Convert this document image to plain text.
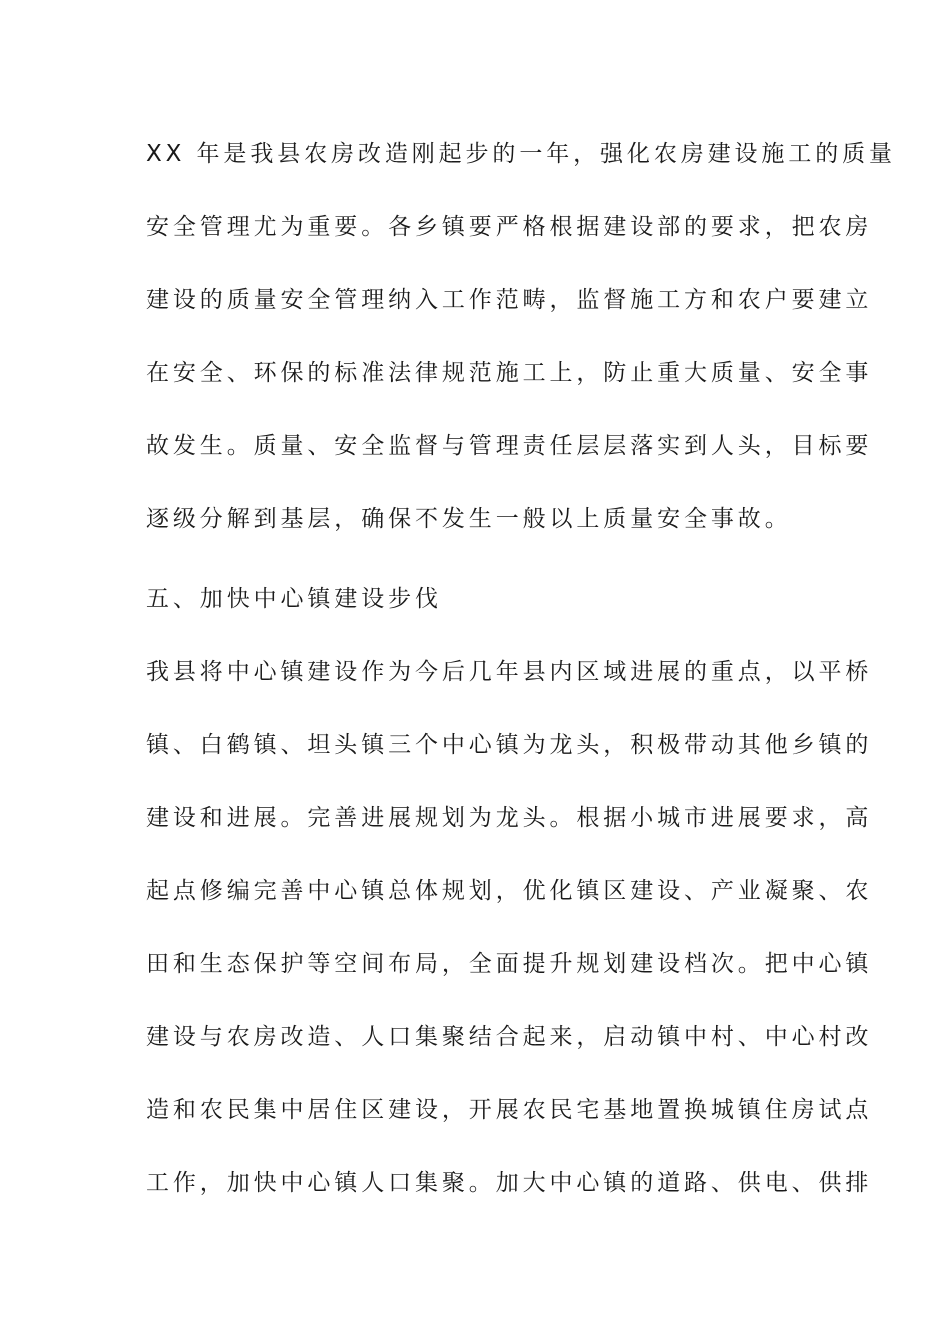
XX 年是我县农房改造刚起步的一年，强化农房建设施工的质量
安全管理尤为重要。各乡镇要严格根据建设部的要求，把农房
建设的质量安全管理纳入工作范畴，监督施工方和农户要建立
在安全、环保的标准法律规范施工上，防止重大质量、安全事
故发生。质量、安全监督与管理责任层层落实到人头，目标要
逐级分解到基层，确保不发生一般以上质量安全事故。
五、加快中心镇建设步伐
我县将中心镇建设作为今后几年县内区域进展的重点，以平桥
镇、白鹤镇、坦头镇三个中心镇为龙头，积极带动其他乡镇的
建设和进展。完善进展规划为龙头。根据小城市进展要求，高
起点修编完善中心镇总体规划，优化镇区建设、产业凝聚、农
田和生态保护等空间布局，全面提升规划建设档次。把中心镇
建设与农房改造、人口集聚结合起来，启动镇中村、中心村改
造和农民集中居住区建设，开展农民宅基地置换城镇住房试点
工作，加快中心镇人口集聚。加大中心镇的道路、供电、供排
